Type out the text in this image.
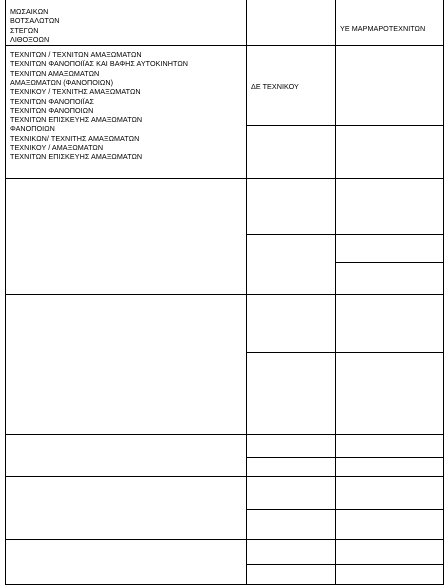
ΜΩΣΑΙΚΩΝ
ΒΟΤΣΑΛΩΤΩΝ
ΣΤΕΓΩΝ
ΛΙΘΟΞΟΩΝ
ΥΕ ΜΑΡΜΑΡΟΤΕΧΝΙΤΩΝ
ΤΕΧΝΙΤΩΝ / ΤΕΧΝΙΤΩΝ ΑΜΑΞΩΜΑΤΩΝ
ΤΕΧΝΙΤΩΝ ΦΑΝΟΠΟΙΪΑΣ ΚΑΙ ΒΑΦΗΣ ΑΥΤΟΚΙΝΗΤΩΝ
ΤΕΧΝΙΤΩΝ ΑΜΑΞΩΜΑΤΩΝ
ΑΜΑΞΩΜΑΤΩΝ (ΦΑΝΟΠΟΙΩΝ)
ΤΕΧΝΙΚΟΥ / ΤΕΧΝΙΤΗΣ ΑΜΑΞΩΜΑΤΩΝ
ΤΕΧΝΙΤΩΝ ΦΑΝΟΠΟΙΪΑΣ
ΤΕΧΝΙΤΩΝ ΦΑΝΟΠΟΙΩΝ
ΤΕΧΝΙΤΩΝ ΕΠΙΣΚΕΥΗΣ ΑΜΑΞΩΜΑΤΩΝ
ΦΑΝΟΠΟΙΩΝ
ΤΕΧΝΙΚΩΝ/ ΤΕΧΝΙΤΗΣ ΑΜΑΞΩΜΑΤΩΝ
ΤΕΧΝΙΚΟΥ / ΑΜΑΞΩΜΑΤΩΝ
ΤΕΧΝΙΤΩΝ ΕΠΙΣΚΕΥΗΣ ΑΜΑΞΩΜΑΤΩΝ
ΔΕ ΤΕΧΝΙΚΟΥ
